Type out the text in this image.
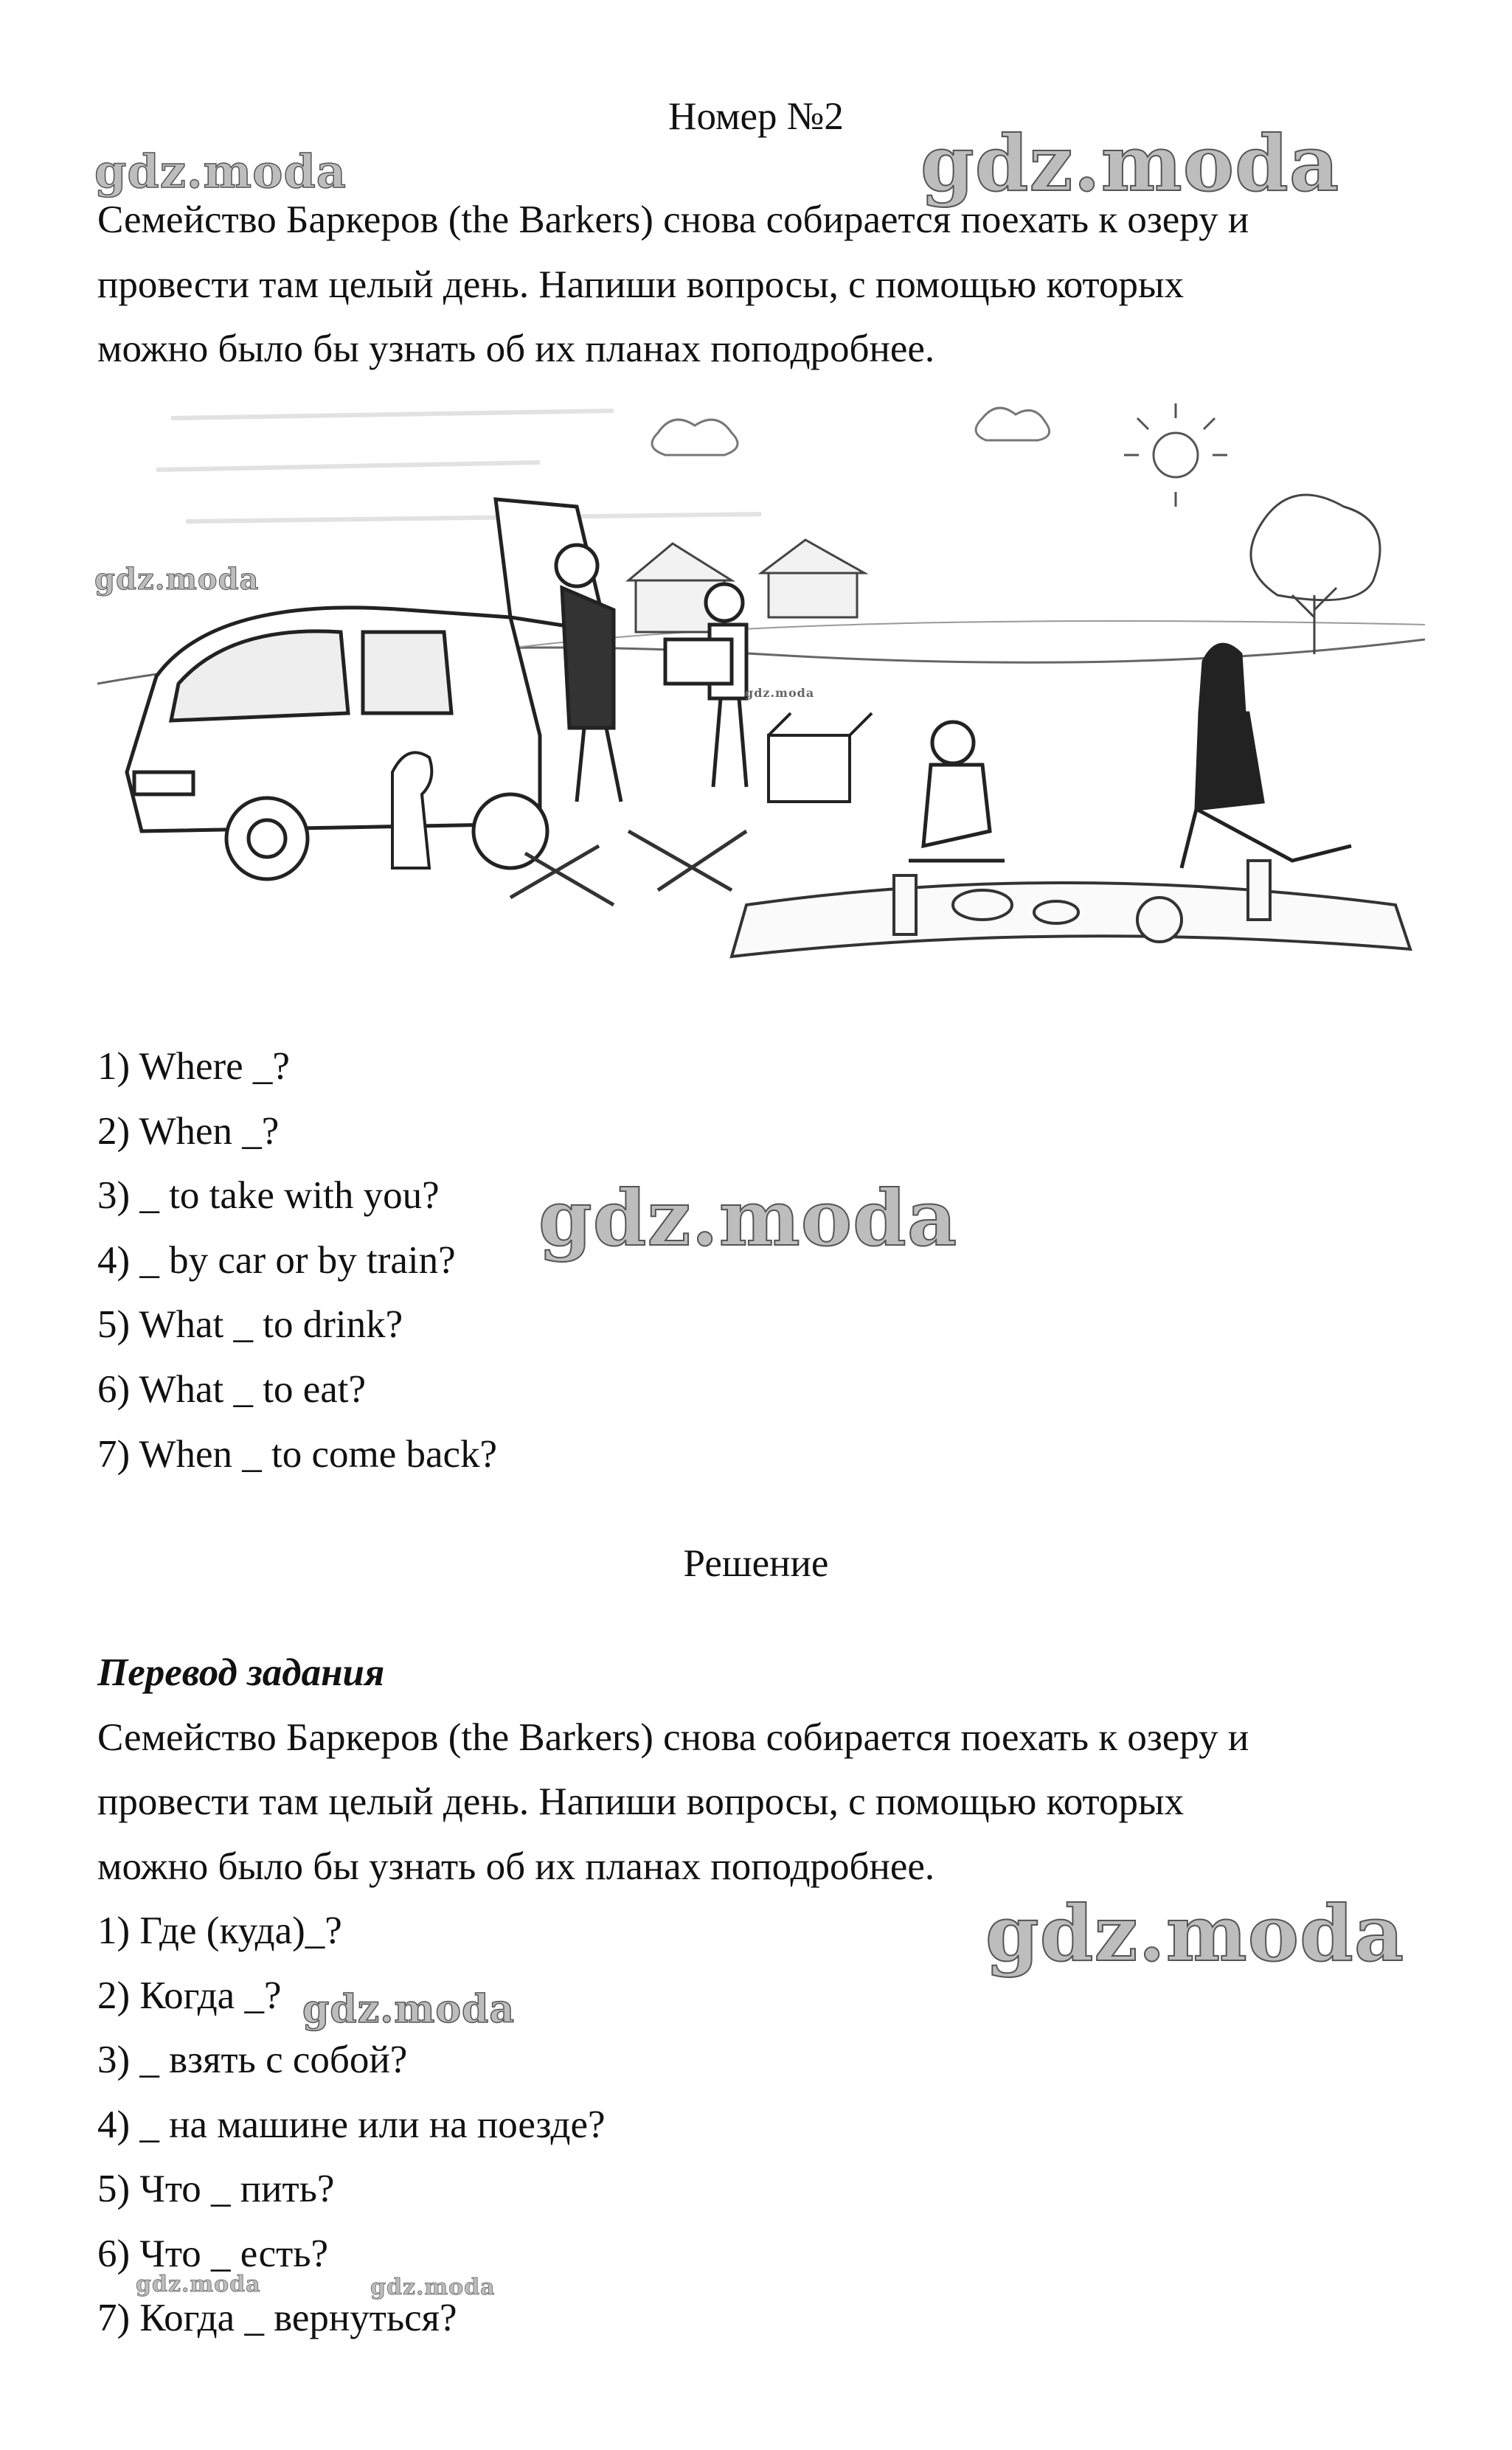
Номер №2
Семейство Баркеров (the Barkers) снова собирается поехать к озеру и
провести там целый день. Напиши вопросы, с помощью которых
можно было бы узнать об их планах поподробнее.
1) Where _?
2) When _?
3) _ to take with you?
4) _ by car or by train?
5) What _ to drink?
6) What _ to eat?
7) When _ to come back?
Решение
Перевод задания
Семейство Баркеров (the Barkers) снова собирается поехать к озеру и
провести там целый день. Напиши вопросы, с помощью которых
можно было бы узнать об их планах поподробнее.
1) Где (куда)_?
2) Когда _?
3) _ взять с собой?
4) _ на машине или на поезде?
5) Что _ пить?
6) Что _ есть?
7) Когда _ вернуться?
gdz.moda	gdz.moda
gdz.moda
gdz.moda
gdz.moda
gdz.moda
gdz.moda
gdz.moda	gdz.moda
